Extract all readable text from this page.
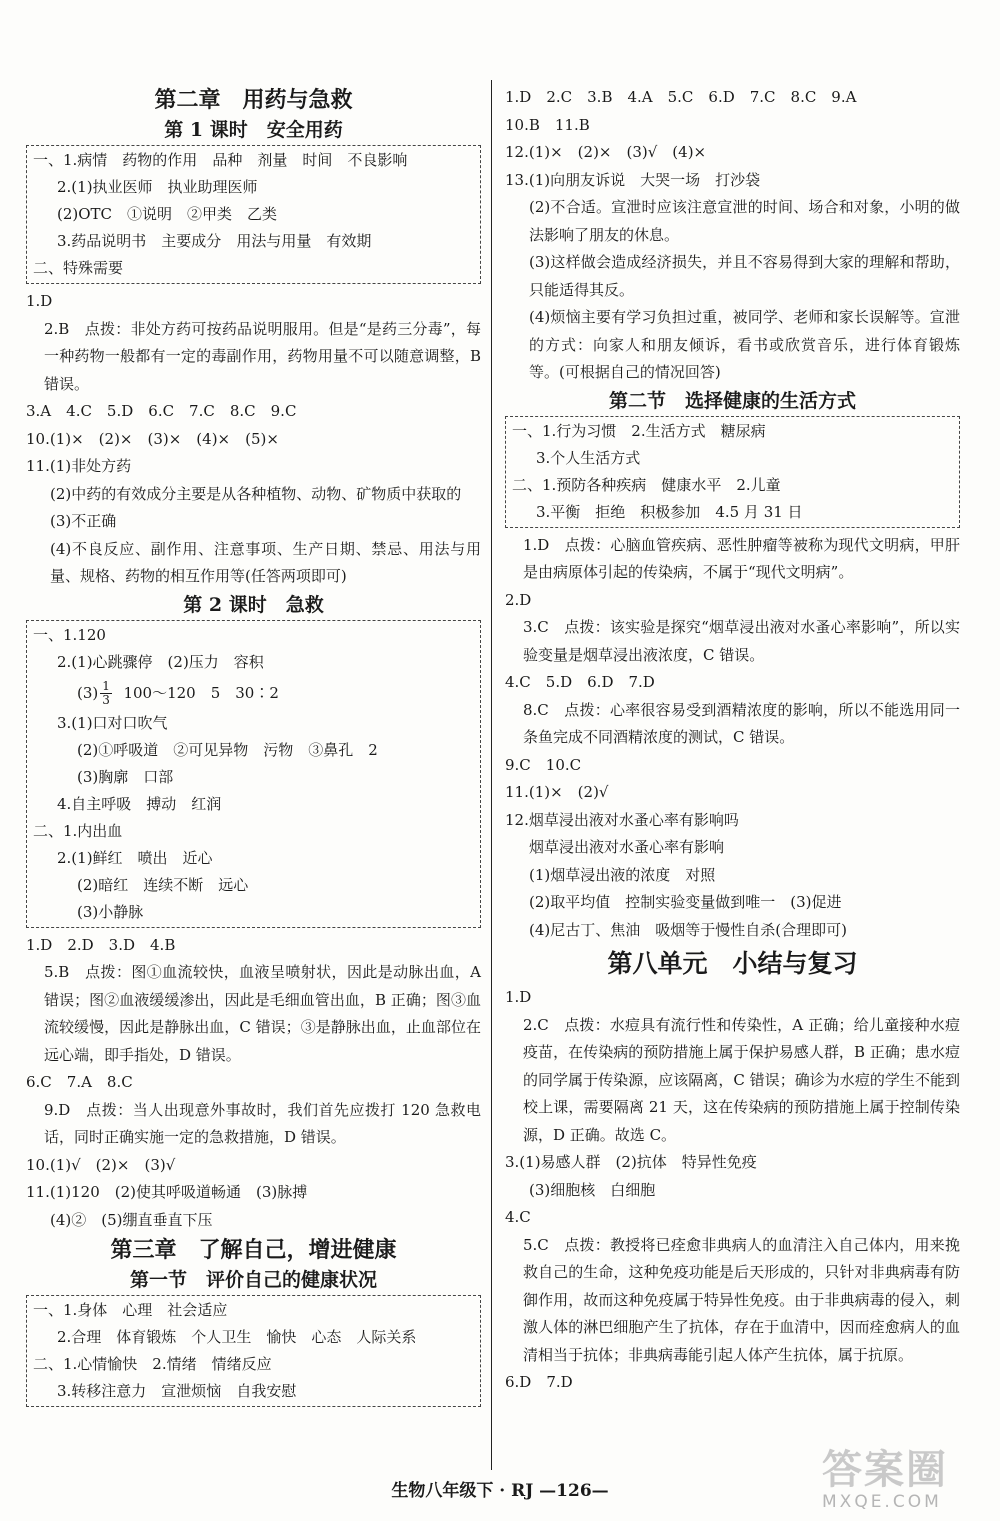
第二章　用药与急救

第 1 课时　安全用药

一、1.病情　药物的作用　品种　剂量　时间　不良影响

2.(1)执业医师　执业助理医师

(2)OTC　①说明　②甲类　乙类

3.药品说明书　主要成分　用法与用量　有效期

二、特殊需要

1.D

2.B　点拨：非处方药可按药品说明服用。但是“是药三分毒”，每一种药物一般都有一定的毒副作用，药物用量不可以随意调整，B 错误。

3.A　4.C　5.D　6.C　7.C　8.C　9.C

10.(1)×　(2)×　(3)×　(4)×　(5)×

11.(1)非处方药

(2)中药的有效成分主要是从各种植物、动物、矿物质中获取的

(3)不正确

(4)不良反应、副作用、注意事项、生产日期、禁忌、用法与用量、规格、药物的相互作用等(任答两项即可)

第 2 课时　急救

一、1.120

2.(1)心跳骤停　(2)压力　容积

$(3) \frac{1}{3}$ 100～120　5　30∶2

3.(1)口对口吹气

(2)①呼吸道　②可见异物　污物　③鼻孔　2

(3)胸廓　口部

4.自主呼吸　搏动　红润

二、1.内出血

2.(1)鲜红　喷出　近心

(2)暗红　连续不断　远心

(3)小静脉

1.D　2.D　3.D　4.B

5.B　点拨：图①血流较快，血液呈喷射状，因此是动脉出血，A 错误；图②血液缓缓渗出，因此是毛细血管出血，B 正确；图③血流较缓慢，因此是静脉出血，C 错误；③是静脉出血，止血部位在远心端，即手指处，D 错误。

6.C　7.A　8.C

9.D　点拨：当人出现意外事故时，我们首先应拨打 120 急救电话，同时正确实施一定的急救措施，D 错误。

10.(1)√　(2)×　(3)√

11.(1)120　(2)使其呼吸道畅通　(3)脉搏

(4)②　(5)绷直垂直下压

第三章　了解自己，增进健康

第一节　评价自己的健康状况

一、1.身体　心理　社会适应

2.合理　体育锻炼　个人卫生　愉快　心态　人际关系

二、1.心情愉快　2.情绪　情绪反应

3.转移注意力　宣泄烦恼　自我安慰

1.D　2.C　3.B　4.A　5.C　6.D　7.C　8.C　9.A

10.B　11.B

12.(1)×　(2)×　(3)√　(4)×

13.(1)向朋友诉说　大哭一场　打沙袋

(2)不合适。宣泄时应该注意宣泄的时间、场合和对象，小明的做法影响了朋友的休息。

(3)这样做会造成经济损失，并且不容易得到大家的理解和帮助，只能适得其反。

(4)烦恼主要有学习负担过重，被同学、老师和家长误解等。宣泄的方式：向家人和朋友倾诉，看书或欣赏音乐，进行体育锻炼等。(可根据自己的情况回答)

第二节　选择健康的生活方式

一、1.行为习惯　2.生活方式　糖尿病

3.个人生活方式

二、1.预防各种疾病　健康水平　2.儿童

3.平衡　拒绝　积极参加　4.5 月 31 日

1.D　点拨：心脑血管疾病、恶性肿瘤等被称为现代文明病，甲肝是由病原体引起的传染病，不属于“现代文明病”。

2.D

3.C　点拨：该实验是探究“烟草浸出液对水蚤心率影响”，所以实验变量是烟草浸出液浓度，C 错误。

4.C　5.D　6.D　7.D

8.C　点拨：心率很容易受到酒精浓度的影响，所以不能选用同一条鱼完成不同酒精浓度的测试，C 错误。

9.C　10.C

11.(1)×　(2)√

12.烟草浸出液对水蚤心率有影响吗

烟草浸出液对水蚤心率有影响

(1)烟草浸出液的浓度　对照

(2)取平均值　控制实验变量做到唯一　(3)促进

(4)尼古丁、焦油　吸烟等于慢性自杀(合理即可)

第八单元　小结与复习

1.D

2.C　点拨：水痘具有流行性和传染性，A 正确；给儿童接种水痘疫苗，在传染病的预防措施上属于保护易感人群，B 正确；患水痘的同学属于传染源，应该隔离，C 错误；确诊为水痘的学生不能到校上课，需要隔离 21 天，这在传染病的预防措施上属于控制传染源，D 正确。故选 C。

3.(1)易感人群　(2)抗体　特异性免疫

(3)细胞核　白细胞

4.C

5.C　点拨：教授将已痊愈非典病人的血清注入自己体内，用来挽救自己的生命，这种免疫功能是后天形成的，只针对非典病毒有防御作用，故而这种免疫属于特异性免疫。由于非典病毒的侵入，刺激人体的淋巴细胞产生了抗体，存在于血清中，因而痊愈病人的血清相当于抗体；非典病毒能引起人体产生抗体，属于抗原。

6.D　7.D

生物八年级下 · RJ —126—	答案圈
MXQE.COM
